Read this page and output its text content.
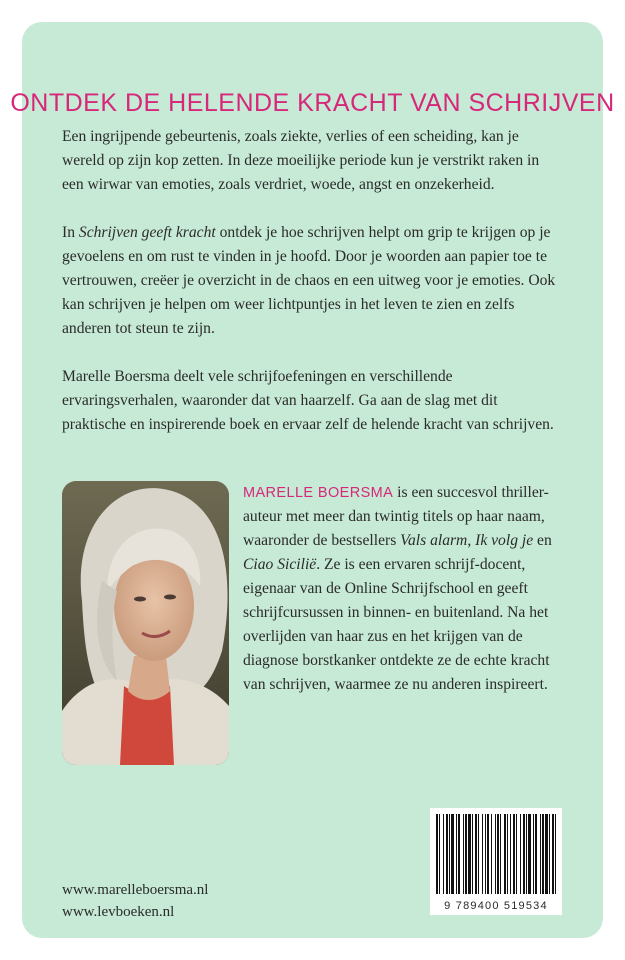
ONTDEK DE HELENDE KRACHT VAN SCHRIJVEN

Een ingrijpende gebeurtenis, zoals ziekte, verlies of een scheiding, kan je wereld op zijn kop zetten. In deze moeilijke periode kun je verstrikt raken in een wirwar van emoties, zoals verdriet, woede, angst en onzekerheid.

In Schrijven geeft kracht ontdek je hoe schrijven helpt om grip te krijgen op je gevoelens en om rust te vinden in je hoofd. Door je woorden aan papier toe te vertrouwen, creëer je overzicht in de chaos en een uitweg voor je emoties. Ook kan schrijven je helpen om weer lichtpuntjes in het leven te zien en zelfs anderen tot steun te zijn.

Marelle Boersma deelt vele schrijfoefeningen en verschillende ervaringsverhalen, waaronder dat van haarzelf. Ga aan de slag met dit praktische en inspirerende boek en ervaar zelf de helende kracht van schrijven.

MARELLE BOERSMA is een succesvol thriller-auteur met meer dan twintig titels op haar naam, waaronder de bestsellers Vals alarm, Ik volg je en Ciao Sicilië. Ze is een ervaren schrijf-docent, eigenaar van de Online Schrijfschool en geeft schrijfcursussen in binnen- en buitenland. Na het overlijden van haar zus en het krijgen van de diagnose borstkanker ontdekte ze de echte kracht van schrijven, waarmee ze nu anderen inspireert.

www.marelleboersma.nl
www.levboeken.nl	9 789400 519534
